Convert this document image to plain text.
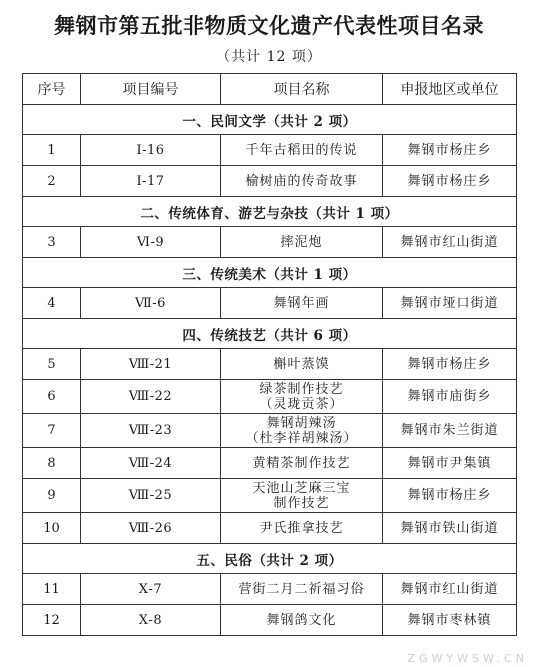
舞钢市第五批非物质文化遗产代表性项目名录
（共计 12 项）
序号	项目编号	项目名称	申报地区或单位
一、民间文学（共计 2 项）			
1	Ⅰ-16	千年古稻田的传说	舞钢市杨庄乡
2	Ⅰ-17	榆树庙的传奇故事	舞钢市杨庄乡
二、传统体育、游艺与杂技（共计 1 项）			
3	Ⅵ-9	摔泥炮	舞钢市红山街道
三、传统美术（共计 1 项）			
4	Ⅶ-6	舞钢年画	舞钢市垭口街道
四、传统技艺（共计 6 项）			
5	Ⅷ-21	槲叶蒸馍	舞钢市杨庄乡
6	Ⅷ-22	绿茶制作技艺
（灵珑贡茶）	舞钢市庙街乡
7	Ⅷ-23	舞钢胡辣汤
（杜李祥胡辣汤）	舞钢市朱兰街道
8	Ⅷ-24	黄精茶制作技艺	舞钢市尹集镇
9	Ⅷ-25	天池山芝麻三宝
制作技艺	舞钢市杨庄乡
10	Ⅷ-26	尹氏推拿技艺	舞钢市铁山街道
五、民俗（共计 2 项）			
11	Ⅹ-7	营街二月二祈福习俗	舞钢市红山街道
12	Ⅹ-8	舞钢鸽文化	舞钢市枣林镇
ZGWYWSW.CN
